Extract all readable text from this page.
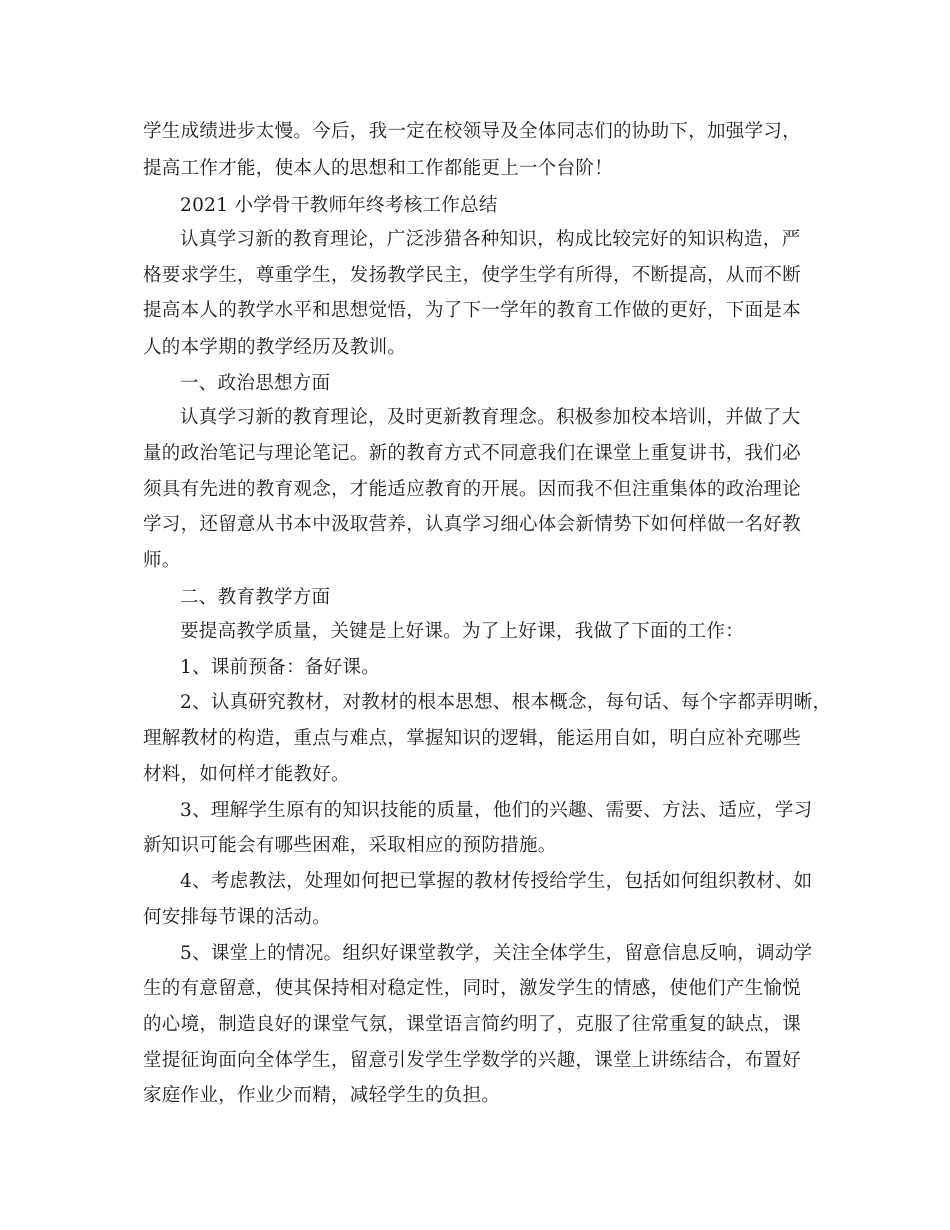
学生成绩进步太慢。今后，我一定在校领导及全体同志们的协助下，加强学习，
提高工作才能，使本人的思想和工作都能更上一个台阶！
2021 小学骨干教师年终考核工作总结
认真学习新的教育理论，广泛涉猎各种知识，构成比较完好的知识构造，严
格要求学生，尊重学生，发扬教学民主，使学生学有所得，不断提高，从而不断
提高本人的教学水平和思想觉悟，为了下一学年的教育工作做的更好，下面是本
人的本学期的教学经历及教训。
一、政治思想方面
认真学习新的教育理论，及时更新教育理念。积极参加校本培训，并做了大
量的政治笔记与理论笔记。新的教育方式不同意我们在课堂上重复讲书，我们必
须具有先进的教育观念，才能适应教育的开展。因而我不但注重集体的政治理论
学习，还留意从书本中汲取营养，认真学习细心体会新情势下如何样做一名好教
师。
二、教育教学方面
要提高教学质量，关键是上好课。为了上好课，我做了下面的工作：
1、课前预备：备好课。
2、认真研究教材，对教材的根本思想、根本概念，每句话、每个字都弄明晰，
理解教材的构造，重点与难点，掌握知识的逻辑，能运用自如，明白应补充哪些
材料，如何样才能教好。
3、理解学生原有的知识技能的质量，他们的兴趣、需要、方法、适应，学习
新知识可能会有哪些困难，采取相应的预防措施。
4、考虑教法，处理如何把已掌握的教材传授给学生，包括如何组织教材、如
何安排每节课的活动。
5、课堂上的情况。组织好课堂教学，关注全体学生，留意信息反响，调动学
生的有意留意，使其保持相对稳定性，同时，激发学生的情感，使他们产生愉悦
的心境，制造良好的课堂气氛，课堂语言简约明了，克服了往常重复的缺点，课
堂提征询面向全体学生，留意引发学生学数学的兴趣，课堂上讲练结合，布置好
家庭作业，作业少而精，减轻学生的负担。
